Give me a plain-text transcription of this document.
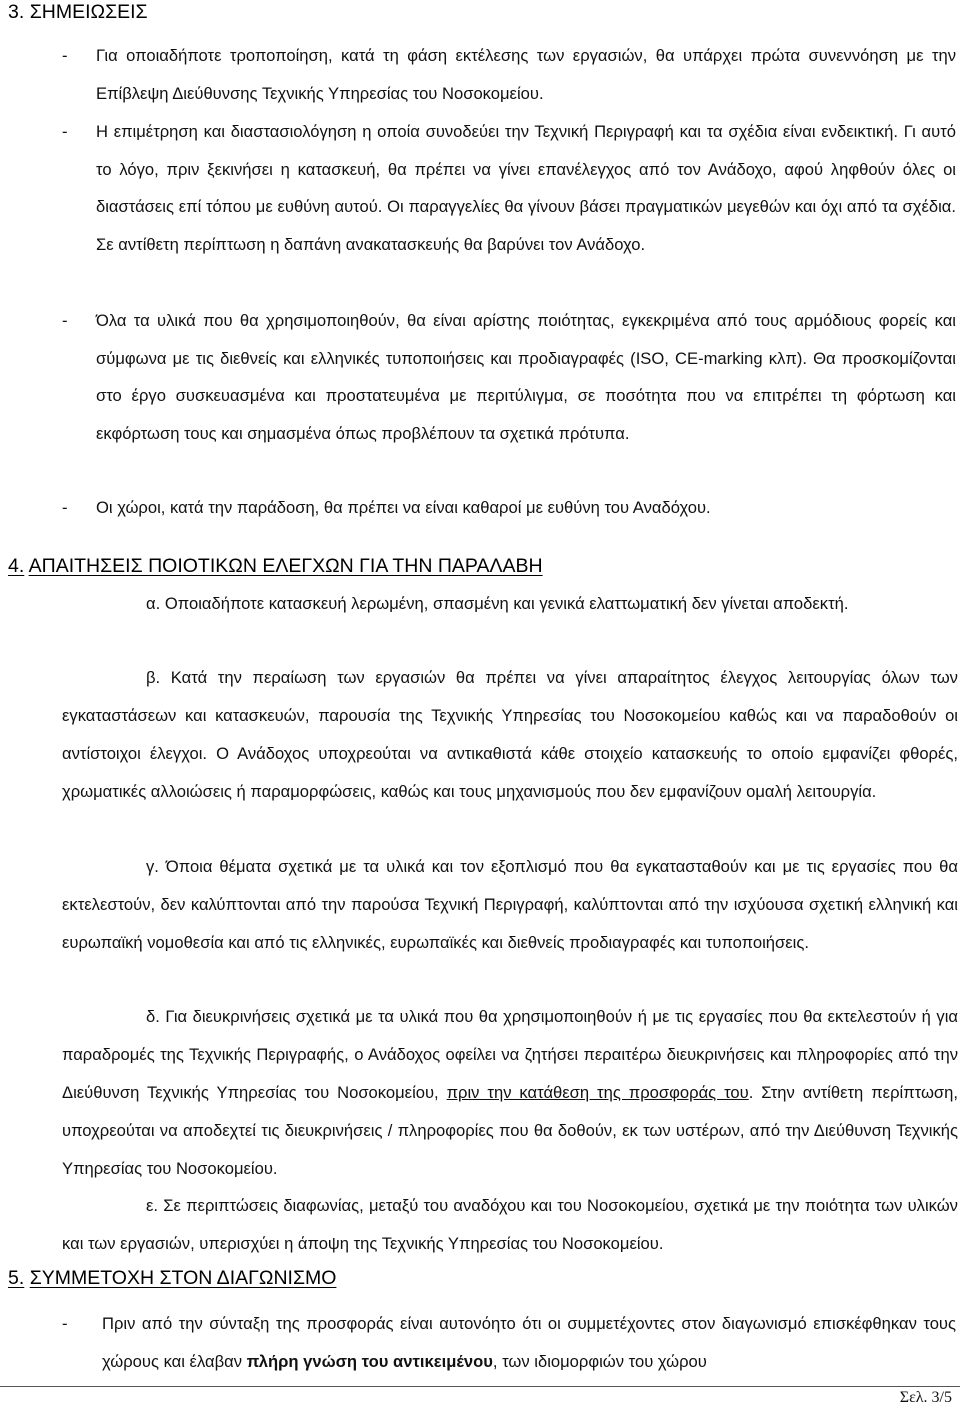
3. ΣΗΜΕΙΩΣΕΙΣ
- Για οποιαδήποτε τροποποίηση, κατά τη φάση εκτέλεσης των εργασιών, θα υπάρχει πρώτα συνεννόηση με την Επίβλεψη Διεύθυνσης Τεχνικής Υπηρεσίας του Νοσοκομείου.
- Η επιμέτρηση και διαστασιολόγηση η οποία συνοδεύει την Τεχνική Περιγραφή και τα σχέδια είναι ενδεικτική. Γι αυτό το λόγο, πριν ξεκινήσει η κατασκευή, θα πρέπει να γίνει επανέλεγχος από τον Ανάδοχο, αφού ληφθούν όλες οι διαστάσεις επί τόπου με ευθύνη αυτού. Οι παραγγελίες θα γίνουν βάσει πραγματικών μεγεθών και όχι από τα σχέδια. Σε αντίθετη περίπτωση η δαπάνη ανακατασκευής θα βαρύνει τον Ανάδοχο.
- Όλα τα υλικά που θα χρησιμοποιηθούν, θα είναι αρίστης ποιότητας, εγκεκριμένα από τους αρμόδιους φορείς και σύμφωνα με τις διεθνείς και ελληνικές τυποποιήσεις και προδιαγραφές (ISO, CE-marking κλπ). Θα προσκομίζονται στο έργο συσκευασμένα και προστατευμένα με περιτύλιγμα, σε ποσότητα που να επιτρέπει τη φόρτωση και εκφόρτωση τους και σημασμένα όπως προβλέπουν τα σχετικά πρότυπα.
- Οι χώροι, κατά την παράδοση, θα πρέπει να είναι καθαροί με ευθύνη του Αναδόχου.
4. ΑΠΑΙΤΗΣΕΙΣ ΠΟΙΟΤΙΚΩΝ ΕΛΕΓΧΩΝ ΓΙΑ ΤΗΝ ΠΑΡΑΛΑΒΗ
α. Οποιαδήποτε κατασκευή λερωμένη, σπασμένη και γενικά ελαττωματική δεν γίνεται αποδεκτή.
β. Κατά την περαίωση των εργασιών θα πρέπει να γίνει απαραίτητος έλεγχος λειτουργίας όλων των εγκαταστάσεων και κατασκευών, παρουσία της Τεχνικής Υπηρεσίας του Νοσοκομείου καθώς και να παραδοθούν οι αντίστοιχοι έλεγχοι. Ο Ανάδοχος υποχρεούται να αντικαθιστά κάθε στοιχείο κατασκευής το οποίο εμφανίζει φθορές, χρωματικές αλλοιώσεις ή παραμορφώσεις, καθώς και τους μηχανισμούς που δεν εμφανίζουν ομαλή λειτουργία.
γ. Όποια θέματα σχετικά με τα υλικά και τον εξοπλισμό που θα εγκατασταθούν και με τις εργασίες που θα εκτελεστούν, δεν καλύπτονται από την παρούσα Τεχνική Περιγραφή, καλύπτονται από την ισχύουσα σχετική ελληνική και ευρωπαϊκή νομοθεσία και από τις ελληνικές, ευρωπαϊκές και διεθνείς προδιαγραφές και τυποποιήσεις.
δ. Για διευκρινήσεις σχετικά με τα υλικά που θα χρησιμοποιηθούν ή με τις εργασίες που θα εκτελεστούν ή για παραδρομές της Τεχνικής Περιγραφής, ο Ανάδοχος οφείλει να ζητήσει περαιτέρω διευκρινήσεις και πληροφορίες από την Διεύθυνση Τεχνικής Υπηρεσίας του Νοσοκομείου, πριν την κατάθεση της προσφοράς του. Στην αντίθετη περίπτωση, υποχρεούται να αποδεχτεί τις διευκρινήσεις / πληροφορίες που θα δοθούν, εκ των υστέρων, από την Διεύθυνση Τεχνικής Υπηρεσίας του Νοσοκομείου.
ε. Σε περιπτώσεις διαφωνίας, μεταξύ του αναδόχου και του Νοσοκομείου, σχετικά με την ποιότητα των υλικών και των εργασιών, υπερισχύει η άποψη της Τεχνικής Υπηρεσίας του Νοσοκομείου.
5. ΣΥΜΜΕΤΟΧΗ ΣΤΟΝ ΔΙΑΓΩΝΙΣΜΟ
- Πριν από την σύνταξη της προσφοράς είναι αυτονόητο ότι οι συμμετέχοντες στον διαγωνισμό επισκέφθηκαν τους χώρους και έλαβαν πλήρη γνώση του αντικειμένου, των ιδιομορφιών του χώρου
Σελ. 3/5
